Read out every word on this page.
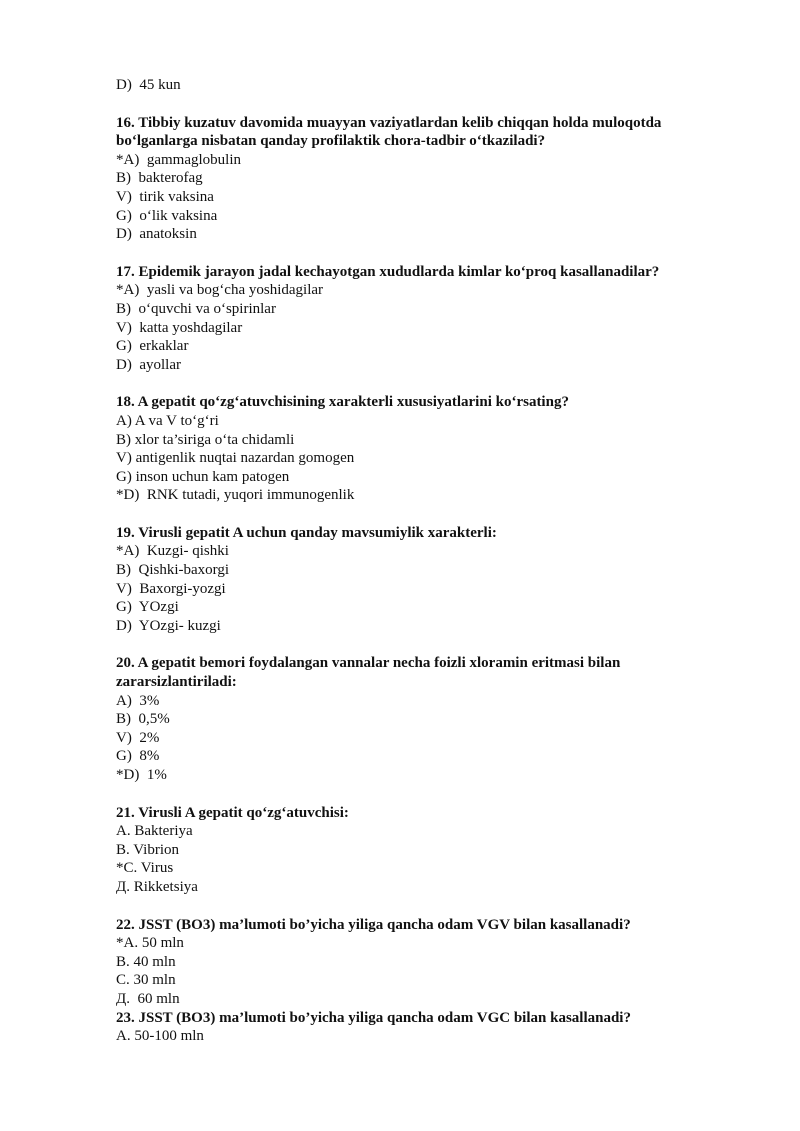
D)  45 kun
16. Tibbiy kuzatuv davomida muayyan vaziyatlardan kelib chiqqan holda muloqotda boʻlganlarga nisbatan qanday profilaktik chora-tadbir oʻtkaziladi?
*A)  gammaglobulin
B)  bakterofag
V)  tirik vaksina
G)  oʻlik vaksina
D)  anatoksin
17. Epidemik jarayon jadal kechayotgan xududlarda kimlar koʻproq kasallanadilar?
*A)  yasli va bogʻcha yoshidagilar
B)  oʻquvchi va oʻspirinlar
V)  katta yoshdagilar
G)  erkaklar
D)  ayollar
18. A gepatit qoʻzgʻatuvchisining xarakterli xususiyatlarini koʻrsating?
A) A va V toʻgʻri
B) xlor ta’siriga oʻta chidamli
V) antigenlik nuqtai nazardan gomogen
G) inson uchun kam patogen
*D)  RNK tutadi, yuqori immunogenlik
19. Virusli gepatit A uchun qanday mavsumiylik xarakterli:
*A)  Kuzgi- qishki
B)  Qishki-baxorgi
V)  Baxorgi-yozgi
G)  YOzgi
D)  YOzgi- kuzgi
20. A gepatit bemori foydalangan vannalar necha foizli xloramin eritmasi bilan zararsizlantiriladi:
A)  3%
B)  0,5%
V)  2%
G)  8%
*D)  1%
21. Virusli A gepatit qoʻzgʻatuvchisi:
A. Bakteriya
B. Vibrion
*C. Virus
Д. Rikketsiya
22. JSST (BO3) ma’lumoti bo’yicha yiliga qancha odam VGV bilan kasallanadi?
*A. 50 mln
B. 40 mln
C. 30 mln
Д.  60 mln
23. JSST (BO3) ma’lumoti bo’yicha yiliga qancha odam VGC bilan kasallanadi?
A. 50-100 mln
